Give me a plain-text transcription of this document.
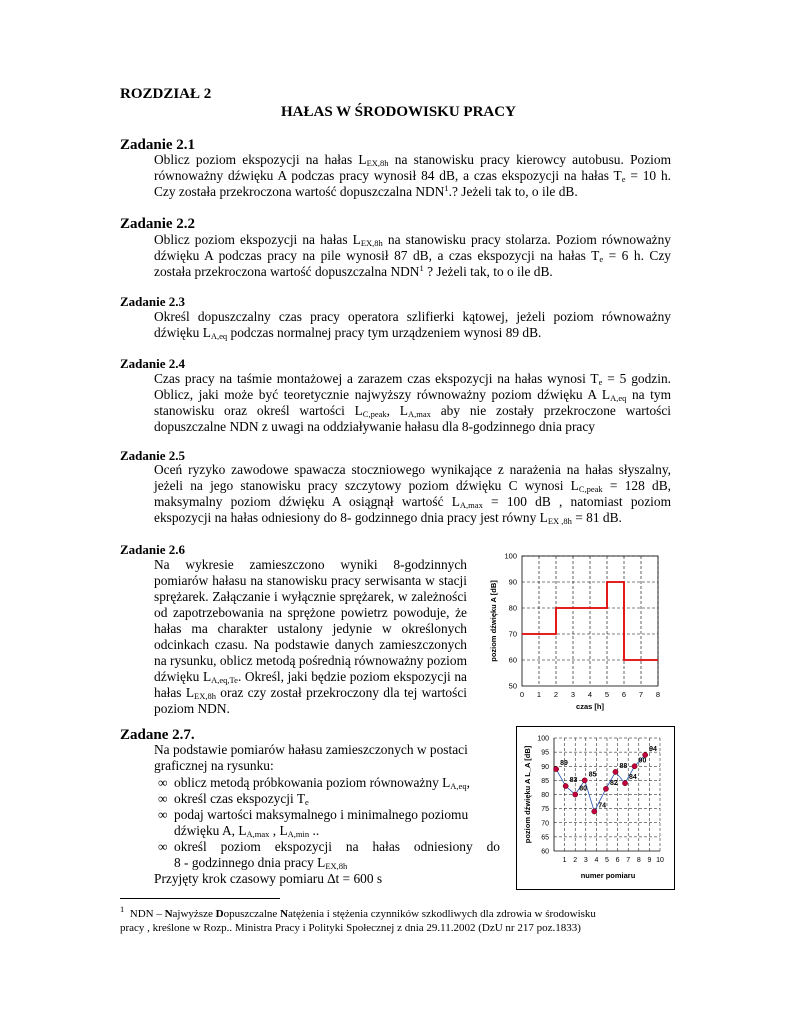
ROZDZIAŁ 2
HAŁAS W ŚRODOWISKU PRACY
Zadanie 2.1
Oblicz poziom ekspozycji na hałas $L_{EX,8h}$ na stanowisku pracy kierowcy autobusu. Poziom
równoważny dźwięku A podczas pracy wynosił 84 dB, a czas ekspozycji na hałas $T_e = 10$ h.
Czy została przekroczona wartość dopuszczalna NDN$^1$.? Jeżeli tak to, o ile dB.
Zadanie 2.2
Oblicz poziom ekspozycji na hałas $L_{EX,8h}$ na stanowisku pracy stolarza. Poziom równoważny
dźwięku A podczas pracy na pile wynosił 87 dB, a czas ekspozycji na hałas $T_e = 6$ h. Czy
została przekroczona wartość dopuszczalna NDN$^1$ ? Jeżeli tak, to o ile dB.
Zadanie 2.3
Określ dopuszczalny czas pracy operatora szlifierki kątowej, jeżeli poziom równoważny
dźwięku $L_{A,eq}$ podczas normalnej pracy tym urządzeniem wynosi 89 dB.
Zadanie 2.4
Czas pracy na taśmie montażowej a zarazem czas ekspozycji na hałas wynosi $T_e = 5$ godzin.
Oblicz, jaki może być teoretycznie najwyższy równoważny poziom dźwięku A $L_{A,eq}$ na tym
stanowisku oraz określ wartości $L_{C,peak}$, $L_{A,max}$ aby nie zostały przekroczone wartości
dopuszczalne NDN z uwagi na oddziaływanie hałasu dla 8-godzinnego dnia pracy
Zadanie 2.5
Oceń ryzyko zawodowe spawacza stoczniowego wynikające z narażenia na hałas słyszalny,
jeżeli na jego stanowisku pracy szczytowy poziom dźwięku C wynosi $L_{C,peak} = 128$ dB,
maksymalny poziom dźwięku A osiągnął wartość $L_{A,max} = 100$ dB , natomiast poziom
ekspozycji na hałas odniesiony do 8- godzinnego dnia pracy jest równy $L_{EX ,8h} = 81$ dB.
Zadanie 2.6
Na wykresie zamieszczono wyniki 8-godzinnych
pomiarów hałasu na stanowisku pracy serwisanta w stacji
sprężarek. Załączanie i wyłącznie sprężarek, w zależności
od zapotrzebowania na sprężone powietrz powoduje, że
hałas ma charakter ustalony jedynie w określonych
odcinkach czasu. Na podstawie danych zamieszczonych
na rysunku, oblicz metodą pośrednią równoważny poziom
dźwięku $L_{A,eq,Te}$. Określ, jaki będzie poziom ekspozycji na
hałas $L_{EX,8h}$ oraz czy został przekroczony dla tej wartości
poziom NDN.
0 1 2 3 4 5 6 7 8
50
60
70
80
90
100
poziom dźwięku A [dB]
czas [h]
Zadane 2.7.
Na podstawie pomiarów hałasu zamieszczonych w postaci
graficznej na rysunku:
∞ oblicz metodą próbkowania poziom równoważny $L_{A,eq}$,
∞ określ czas ekspozycji $T_e$
∞ podaj wartości maksymalnego i minimalnego poziomu
dźwięku A, $L_{A,max}$ , $L_{A,min}$ ..
∞ określ poziom ekspozycji na hałas odniesiony do
8 - godzinnego dnia pracy $L_{EX,8h}$
Przyjęty krok czasowy pomiaru ∆t = 600 s
1 2 3 4 5 6 7 8 9 10
60
65
70
75
80
85
90
95
100
89
83
80
85
74
82
88
84
90
94
poziom dźwięku A L_A [dB]
numer pomiaru
$^1$ NDN – Najwyższe Dopuszczalne Natężenia i stężenia czynników szkodliwych dla zdrowia w środowisku
pracy , kreślone w Rozp.. Ministra Pracy i Polityki Społecznej z dnia 29.11.2002 (DzU nr 217 poz.1833)
